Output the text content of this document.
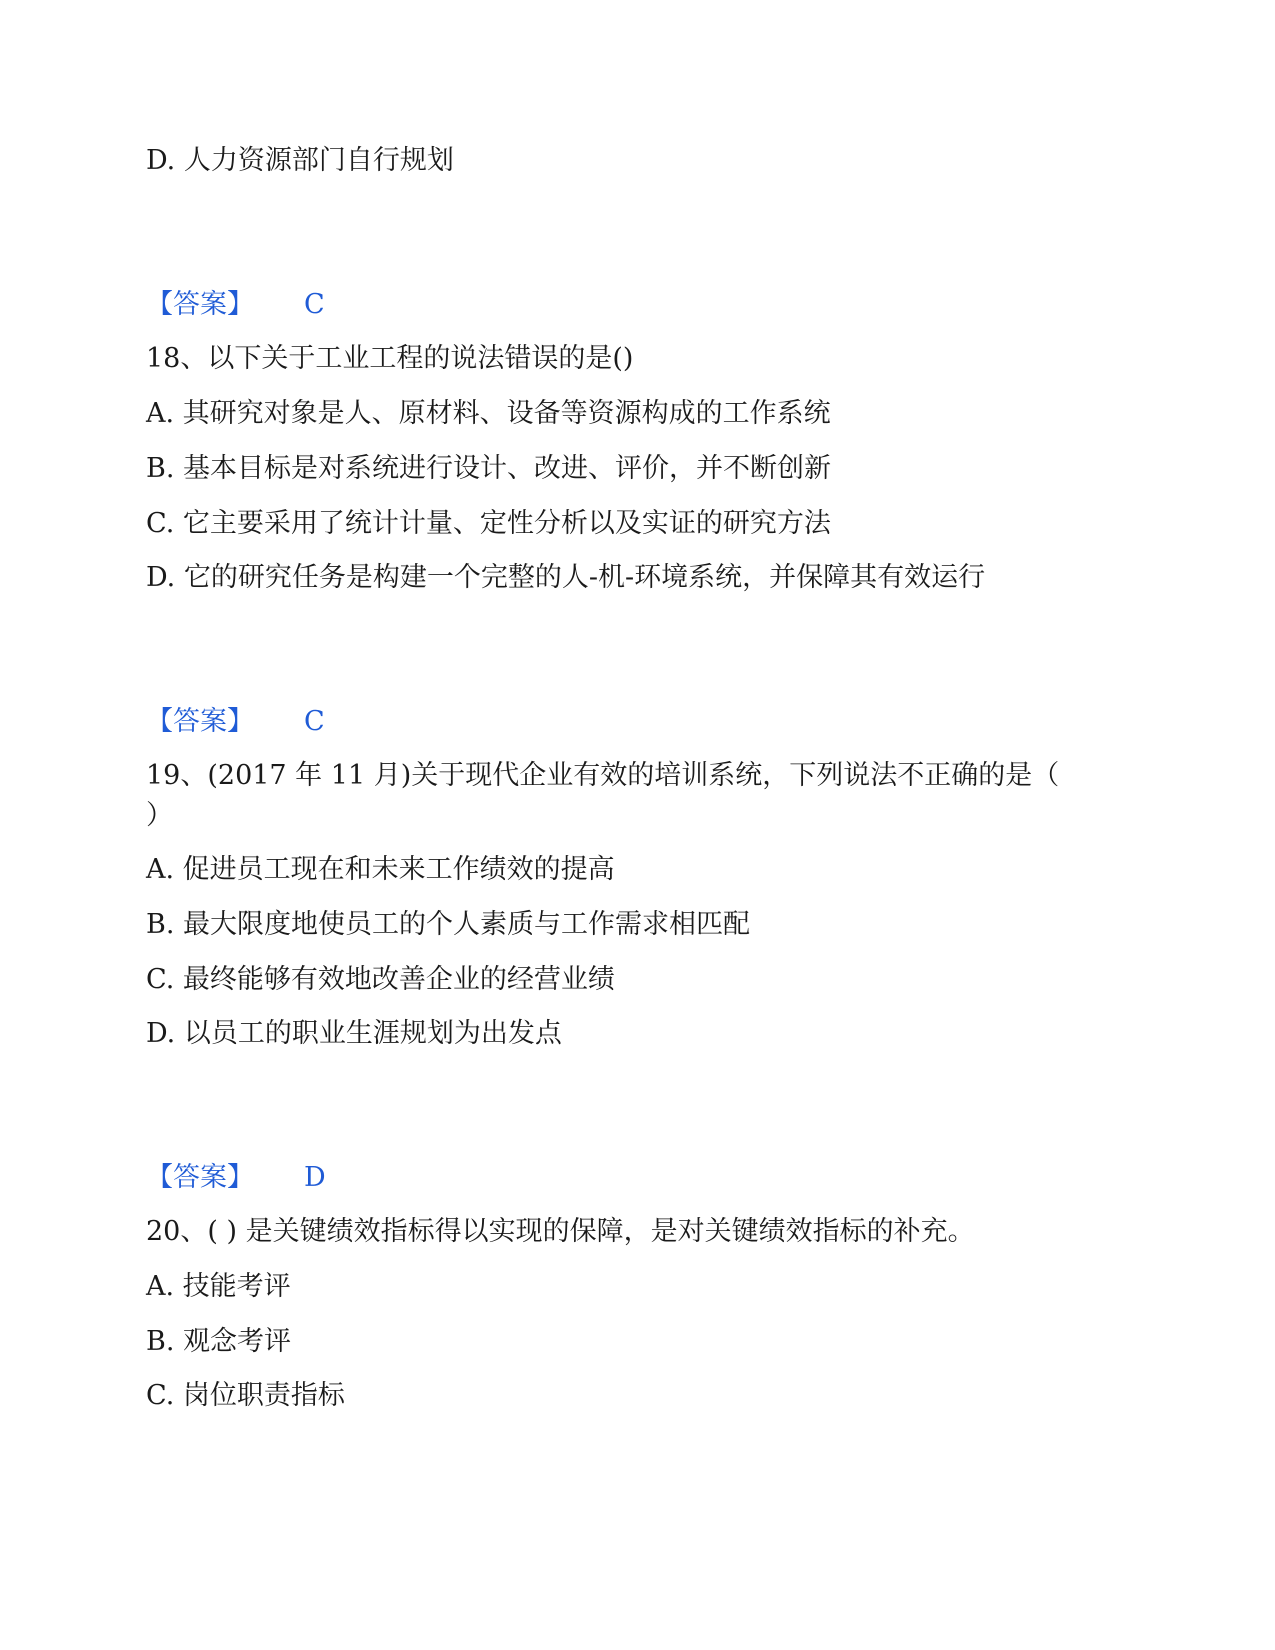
D. 人力资源部门自行规划
【答案】 C
18、以下关于工业工程的说法错误的是()
A. 其研究对象是人、原材料、设备等资源构成的工作系统
B. 基本目标是对系统进行设计、改进、评价，并不断创新
C. 它主要采用了统计计量、定性分析以及实证的研究方法
D. 它的研究任务是构建一个完整的人-机-环境系统，并保障其有效运行
【答案】 C
19、(2017 年 11 月)关于现代企业有效的培训系统，下列说法不正确的是（
）
A. 促进员工现在和未来工作绩效的提高
B. 最大限度地使员工的个人素质与工作需求相匹配
C. 最终能够有效地改善企业的经营业绩
D. 以员工的职业生涯规划为出发点
【答案】 D
20、( ) 是关键绩效指标得以实现的保障，是对关键绩效指标的补充。
A. 技能考评
B. 观念考评
C. 岗位职责指标
